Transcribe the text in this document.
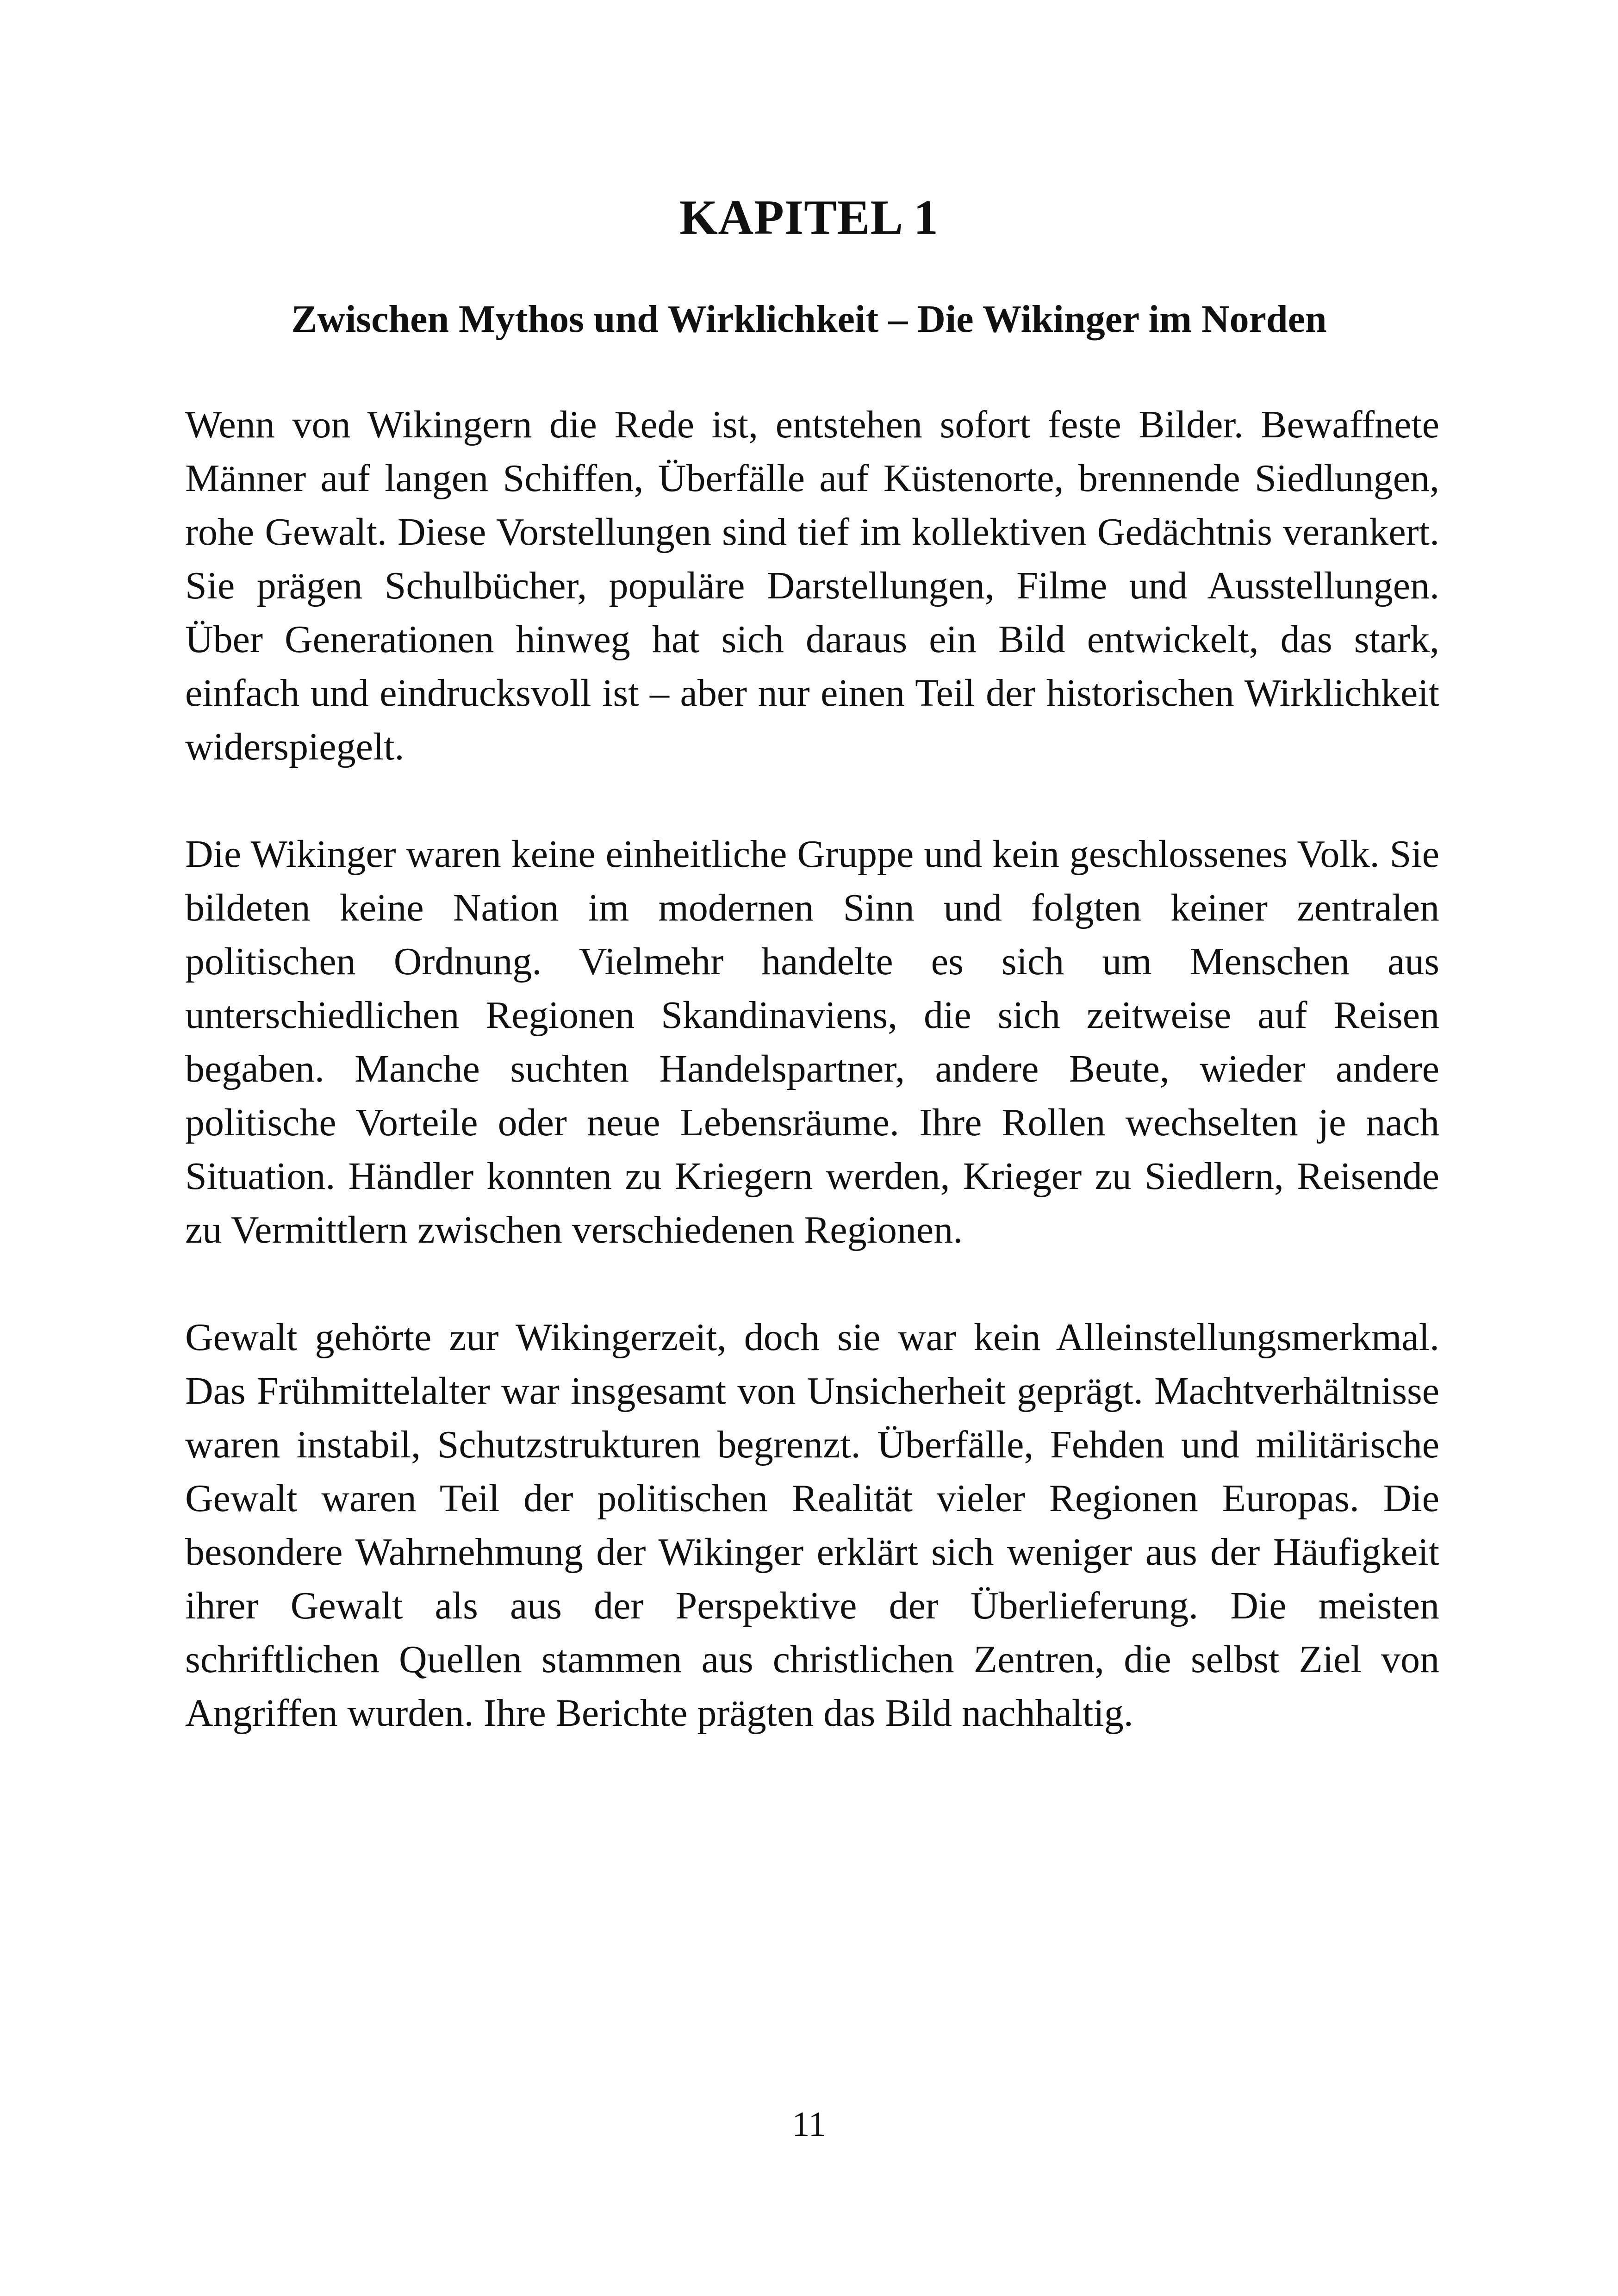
KAPITEL 1
Zwischen Mythos und Wirklichkeit – Die Wikinger im Norden

Wenn von Wikingern die Rede ist, entstehen sofort feste Bilder. Bewaffnete Männer auf langen Schiffen, Überfälle auf Küstenorte, brennende Siedlungen, rohe Gewalt. Diese Vorstellungen sind tief im kollektiven Gedächtnis verankert. Sie prägen Schulbücher, populäre Darstellungen, Filme und Ausstellungen. Über Generationen hinweg hat sich daraus ein Bild entwickelt, das stark, einfach und eindrucksvoll ist – aber nur einen Teil der historischen Wirklichkeit widerspiegelt.

Die Wikinger waren keine einheitliche Gruppe und kein geschlossenes Volk. Sie bildeten keine Nation im modernen Sinn und folgten keiner zentralen politischen Ordnung. Vielmehr handelte es sich um Menschen aus unterschiedlichen Regionen Skandinaviens, die sich zeitweise auf Reisen begaben. Manche suchten Handelspartner, andere Beute, wieder andere politische Vorteile oder neue Lebensräume. Ihre Rollen wechselten je nach Situation. Händler konnten zu Kriegern werden, Krieger zu Siedlern, Reisende zu Vermittlern zwischen verschiedenen Regionen.

Gewalt gehörte zur Wikingerzeit, doch sie war kein Alleinstellungsmerkmal. Das Frühmittelalter war insgesamt von Unsicherheit geprägt. Machtverhältnisse waren instabil, Schutzstrukturen begrenzt. Überfälle, Fehden und militärische Gewalt waren Teil der politischen Realität vieler Regionen Europas. Die besondere Wahrnehmung der Wikinger erklärt sich weniger aus der Häufigkeit ihrer Gewalt als aus der Perspektive der Überlieferung. Die meisten schriftlichen Quellen stammen aus christlichen Zentren, die selbst Ziel von Angriffen wurden. Ihre Berichte prägten das Bild nachhaltig.

11
